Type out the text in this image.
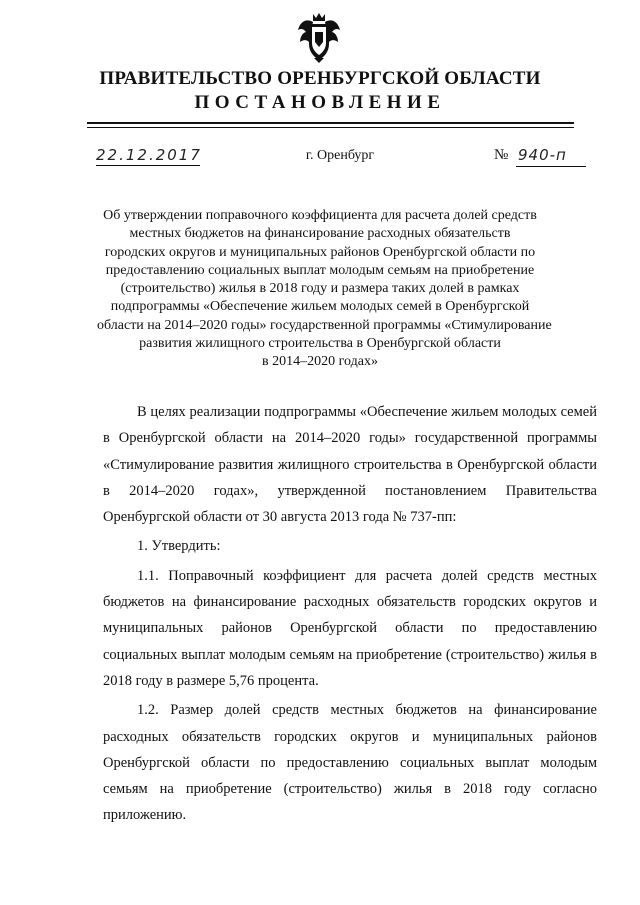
ПРАВИТЕЛЬСТВО ОРЕНБУРГСКОЙ ОБЛАСТИ
ПОСТАНОВЛЕНИЕ
22.12.2017	г. Оренбург	№ 940-п
Об утверждении поправочного коэффициента для расчета долей средств
местных бюджетов на финансирование расходных обязательств
городских округов и муниципальных районов Оренбургской области по
предоставлению социальных выплат молодым семьям на приобретение
(строительство) жилья в 2018 году и размера таких долей в рамках
подпрограммы «Обеспечение жильем молодых семей в Оренбургской
области на 2014–2020 годы» государственной программы «Стимулирование
развития жилищного строительства в Оренбургской области
в 2014–2020 годах»

В целях реализации подпрограммы «Обеспечение жильем молодых семей в Оренбургской области на 2014–2020 годы» государственной программы «Стимулирование развития жилищного строительства в Оренбургской области в 2014–2020 годах», утвержденной постановлением Правительства Оренбургской области от 30 августа 2013 года № 737-пп:

1. Утвердить:

1.1. Поправочный коэффициент для расчета долей средств местных бюджетов на финансирование расходных обязательств городских округов и муниципальных районов Оренбургской области по предоставлению социальных выплат молодым семьям на приобретение (строительство) жилья в 2018 году в размере 5,76 процента.

1.2. Размер долей средств местных бюджетов на финансирование расходных обязательств городских округов и муниципальных районов Оренбургской области по предоставлению социальных выплат молодым семьям на приобретение (строительство) жилья в 2018 году согласно приложению.
